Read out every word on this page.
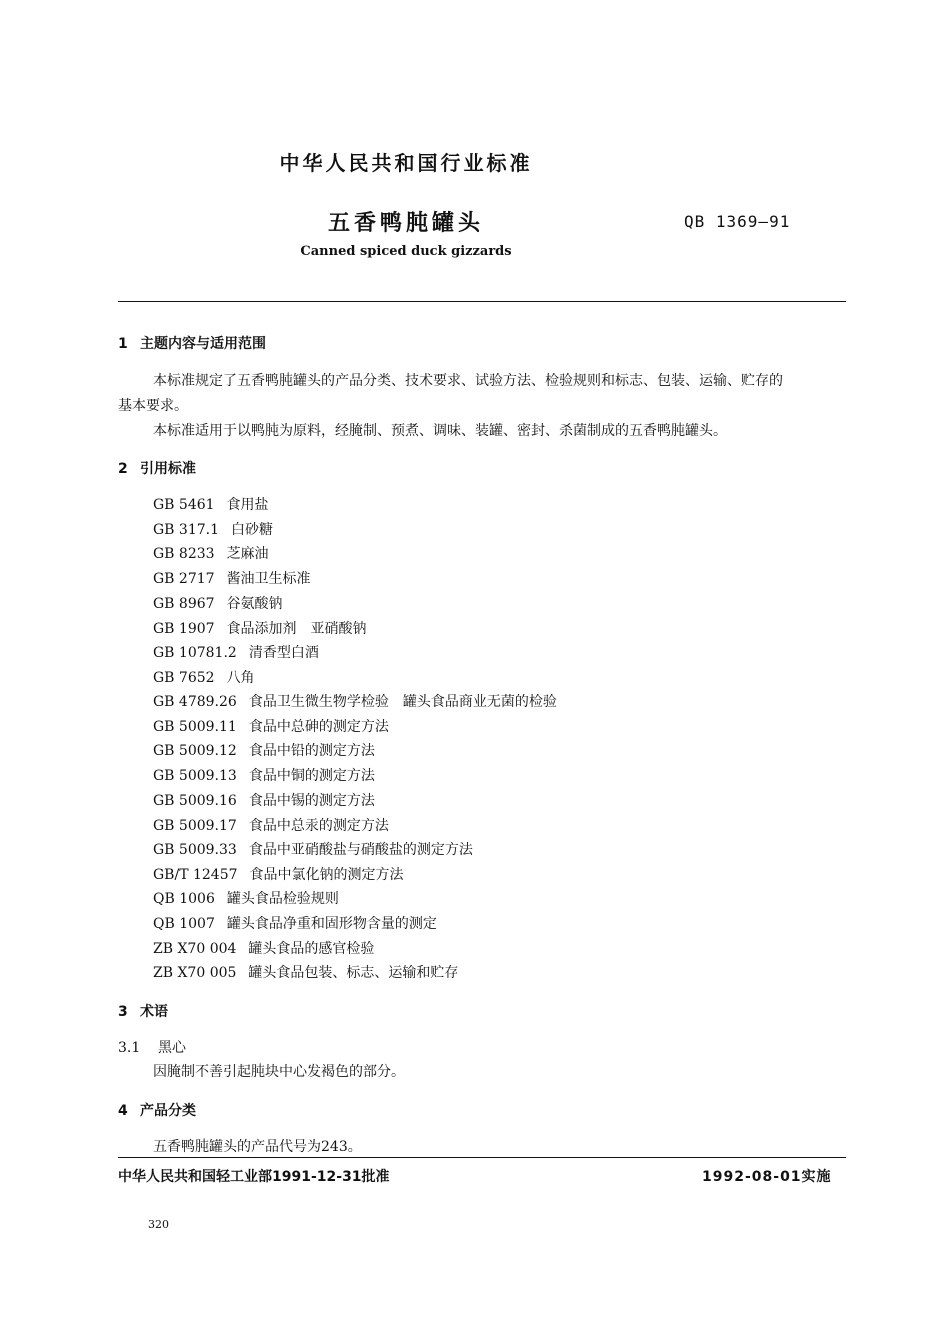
中华人民共和国行业标准
五香鸭肫罐头	QB 1369—91
Canned spiced duck gizzards
1 主题内容与适用范围
本标准规定了五香鸭肫罐头的产品分类、技术要求、试验方法、检验规则和标志、包装、运输、贮存的
基本要求。
本标准适用于以鸭肫为原料，经腌制、预煮、调味、装罐、密封、杀菌制成的五香鸭肫罐头。
2 引用标准
GB 5461 食用盐
GB 317.1 白砂糖
GB 8233 芝麻油
GB 2717 酱油卫生标准
GB 8967 谷氨酸钠
GB 1907 食品添加剂　亚硝酸钠
GB 10781.2 清香型白酒
GB 7652 八角
GB 4789.26 食品卫生微生物学检验　罐头食品商业无菌的检验
GB 5009.11 食品中总砷的测定方法
GB 5009.12 食品中铅的测定方法
GB 5009.13 食品中铜的测定方法
GB 5009.16 食品中锡的测定方法
GB 5009.17 食品中总汞的测定方法
GB 5009.33 食品中亚硝酸盐与硝酸盐的测定方法
GB/T 12457 食品中氯化钠的测定方法
QB 1006 罐头食品检验规则
QB 1007 罐头食品净重和固形物含量的测定
ZB X70 004 罐头食品的感官检验
ZB X70 005 罐头食品包装、标志、运输和贮存
3 术语
3.1 黑心
因腌制不善引起肫块中心发褐色的部分。
4 产品分类
五香鸭肫罐头的产品代号为243。
中华人民共和国轻工业部1991-12-31批准	1992-08-01实施
320
